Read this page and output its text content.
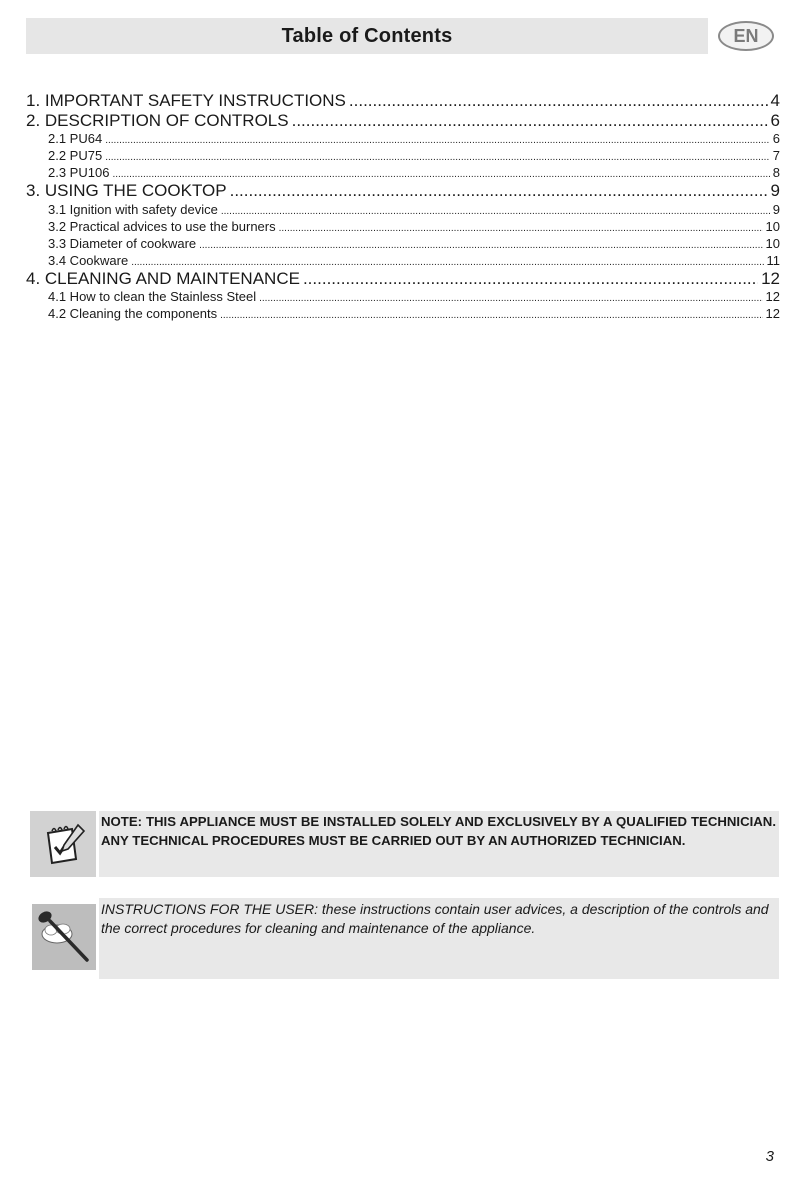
Table of Contents	EN
1. IMPORTANT SAFETY INSTRUCTIONS .....	4
2. DESCRIPTION OF CONTROLS .....	6
2.1 PU64 .....	6
2.2 PU75 .....	7
2.3 PU106 .....	8
3. USING THE COOKTOP .....	9
3.1 Ignition with safety device .....	9
3.2 Practical advices to use the burners .....	10
3.3 Diameter of cookware .....	10
3.4 Cookware .....	11
4. CLEANING AND MAINTENANCE .....	12
4.1 How to clean the Stainless Steel .....	12
4.2 Cleaning the components .....	12
NOTE: THIS APPLIANCE MUST BE INSTALLED SOLELY AND EXCLUSIVELY BY A QUALIFIED TECHNICIAN. ANY TECHNICAL PROCEDURES MUST BE CARRIED OUT BY AN AUTHORIZED TECHNICIAN.
INSTRUCTIONS FOR THE USER: these instructions contain user advices, a description of the controls and the correct procedures for cleaning and maintenance of the appliance.
3
